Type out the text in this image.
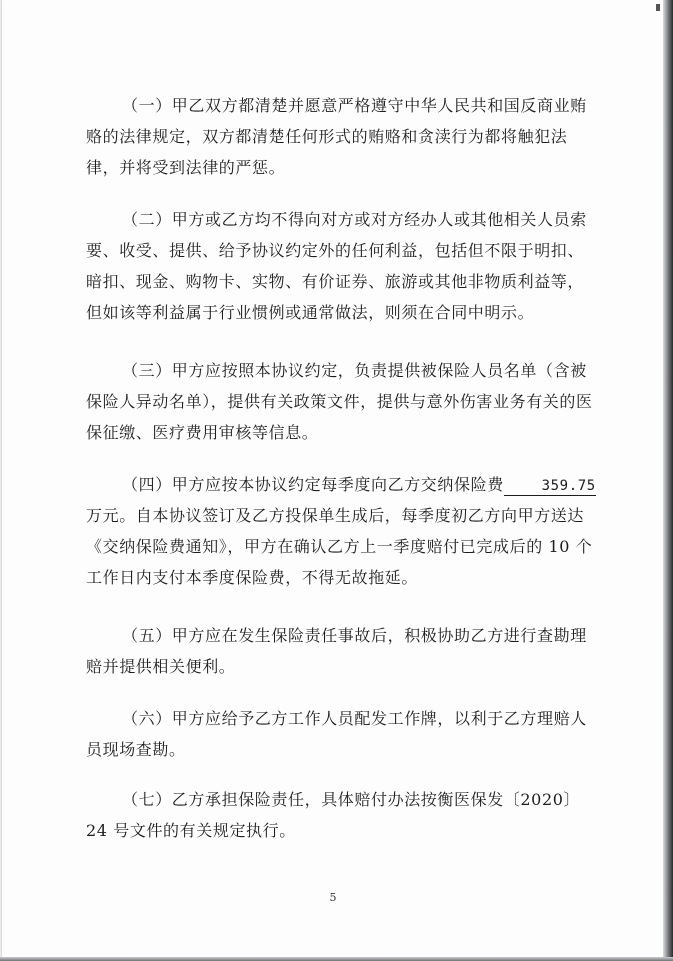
（一）甲乙双方都清楚并愿意严格遵守中华人民共和国反商业贿赂的法律规定，双方都清楚任何形式的贿赂和贪渎行为都将触犯法律，并将受到法律的严惩。

（二）甲方或乙方均不得向对方或对方经办人或其他相关人员索要、收受、提供、给予协议约定外的任何利益，包括但不限于明扣、暗扣、现金、购物卡、实物、有价证券、旅游或其他非物质利益等，但如该等利益属于行业惯例或通常做法，则须在合同中明示。

（三）甲方应按照本协议约定，负责提供被保险人员名单（含被保险人异动名单），提供有关政策文件，提供与意外伤害业务有关的医保征缴、医疗费用审核等信息。

（四）甲方应按本协议约定每季度向乙方交纳保险费	359.75万元。自本协议签订及乙方投保单生成后，每季度初乙方向甲方送达《交纳保险费通知》，甲方在确认乙方上一季度赔付已完成后的 10 个工作日内支付本季度保险费，不得无故拖延。

（五）甲方应在发生保险责任事故后，积极协助乙方进行查勘理赔并提供相关便利。

（六）甲方应给予乙方工作人员配发工作牌，以利于乙方理赔人员现场查勘。

（七）乙方承担保险责任，具体赔付办法按衡医保发〔2020〕24 号文件的有关规定执行。

5
